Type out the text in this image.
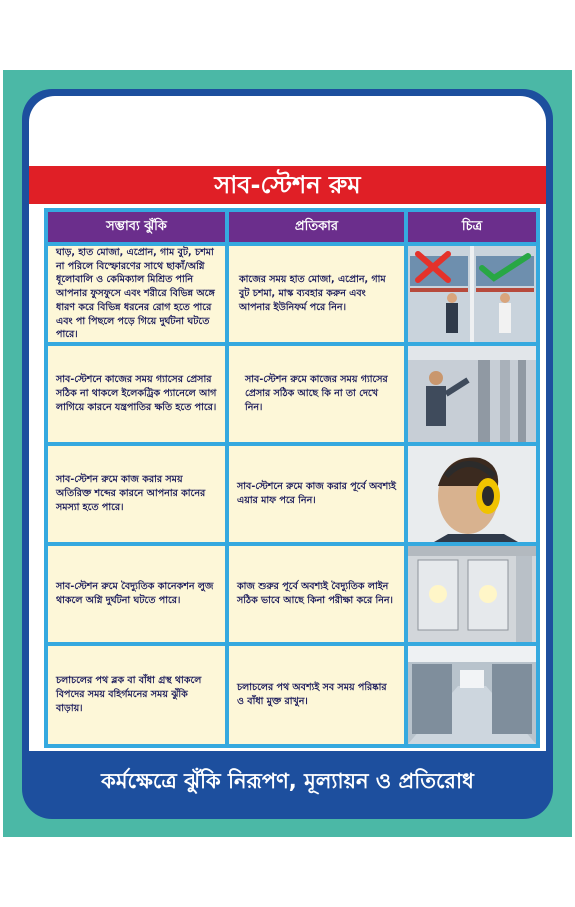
সাব-স্টেশন রুম
সম্ভাব্য ঝুঁকি	প্রতিকার	চিত্র
ঘাড়, হাত মোজা, এপ্রোন, গাম বুট, চশমা না পরিলে বিস্ফোরণের সাথে ছাকাঁ/অগ্নি ধূলোবালি ও কেমিক্যাল মিশ্রিত পানি আপনার ফুসফুসে এবং শরীরে বিভিন্ন অঙ্গে ধারণ করে বিভিন্ন ধরনের রোগ হতে পারে এবং পা পিছলে পড়ে গিয়ে দুর্ঘটনা ঘটতে পারে।
কাজের সময় হাত মোজা, এপ্রোন, গাম বুট চশমা, মাস্ক ব্যবহার করুন এবং আপনার ইউনিফর্ম পরে নিন।
সাব-স্টেশনে কাজের সময় গ্যাসের প্রেসার সঠিক না থাকলে ইলেকট্রিক প্যানেলে আগ লাগিয়ে কারনে যন্ত্রপাতির ক্ষতি হতে পারে।
সাব-স্টেশন রুমে কাজের সময় গ্যাসের প্রেসার সঠিক আছে কি না তা দেখে নিন।
সাব-স্টেশন রুমে কাজ করার সময় অতিরিক্ত শব্দের কারনে আপনার কানের সমস্যা হতে পারে।
সাব-স্টেশনে রুমে কাজ করার পূর্বে অবশ্যই এয়ার মাফ পরে নিন।
সাব-স্টেশন রুমে বৈদ্যুতিক কানেকশন লুজ থাকলে অগ্নি দুর্ঘটনা ঘটতে পারে।
কাজ শুরুর পূর্বে অবশ্যই বৈদ্যুতিক লাইন সঠিক ভাবে আছে কিনা পরীক্ষা করে নিন।
চলাচলের পথ ব্লক বা বাঁধা গ্রস্থ থাকলে বিপদের সময় বহির্গমনের সময় ঝুঁকি বাড়ায়।
চলাচলের পথ অবশ্যই সব সময় পরিষ্কার ও বাঁধা মুক্ত রাখুন।
কর্মক্ষেত্রে ঝুঁকি নিরূপণ, মূল্যায়ন ও প্রতিরোধ
